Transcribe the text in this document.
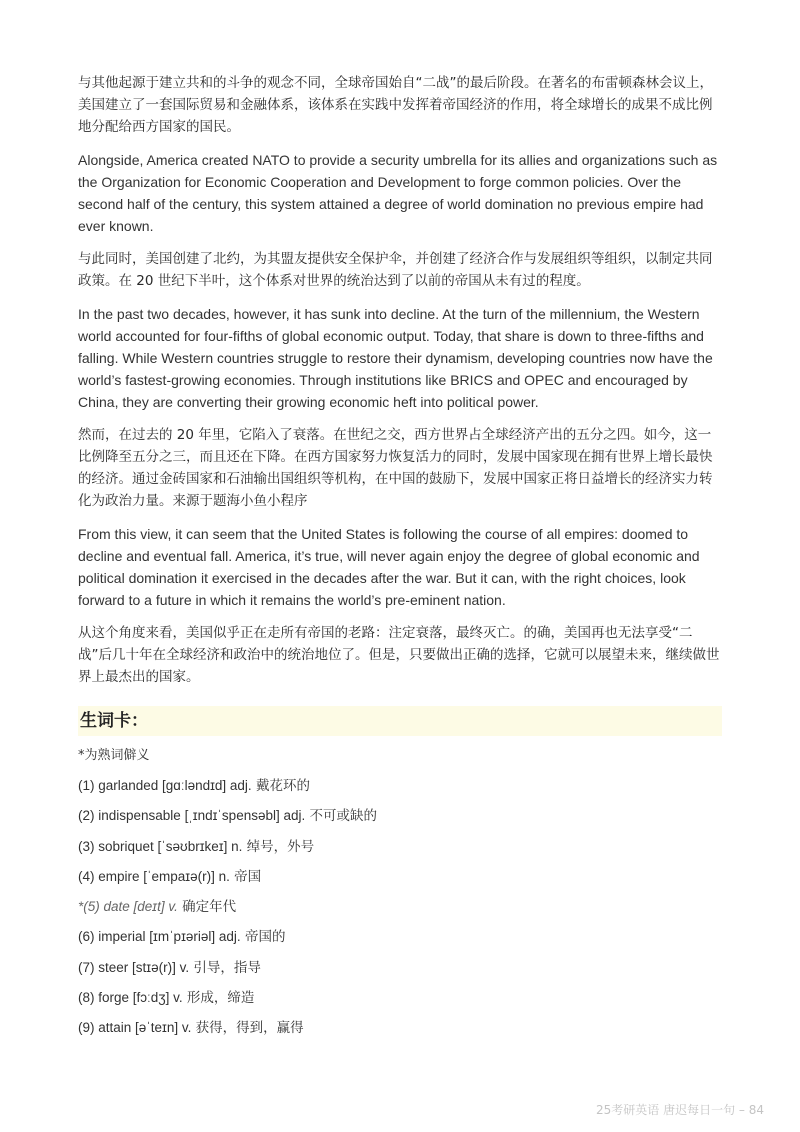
与其他起源于建立共和的斗争的观念不同，全球帝国始自“二战”的最后阶段。在著名的布雷顿森林会议上，美国建立了一套国际贸易和金融体系，该体系在实践中发挥着帝国经济的作用，将全球增长的成果不成比例地分配给西方国家的国民。

Alongside, America created NATO to provide a security umbrella for its allies and organizations such as the Organization for Economic Cooperation and Development to forge common policies. Over the second half of the century, this system attained a degree of world domination no previous empire had ever known.

与此同时，美国创建了北约，为其盟友提供安全保护伞，并创建了经济合作与发展组织等组织，以制定共同政策。在 20 世纪下半叶，这个体系对世界的统治达到了以前的帝国从未有过的程度。

In the past two decades, however, it has sunk into decline. At the turn of the millennium, the Western world accounted for four-fifths of global economic output. Today, that share is down to three-fifths and falling. While Western countries struggle to restore their dynamism, developing countries now have the world’s fastest-growing economies. Through institutions like BRICS and OPEC and encouraged by China, they are converting their growing economic heft into political power.

然而，在过去的 20 年里，它陷入了衰落。在世纪之交，西方世界占全球经济产出的五分之四。如今，这一比例降至五分之三，而且还在下降。在西方国家努力恢复活力的同时，发展中国家现在拥有世界上增长最快的经济。通过金砖国家和石油输出国组织等机构，在中国的鼓励下，发展中国家正将日益增长的经济实力转化为政治力量。来源于题海小鱼小程序

From this view, it can seem that the United States is following the course of all empires: doomed to decline and eventual fall. America, it’s true, will never again enjoy the degree of global economic and political domination it exercised in the decades after the war. But it can, with the right choices, look forward to a future in which it remains the world’s pre-eminent nation.

从这个角度来看，美国似乎正在走所有帝国的老路：注定衰落，最终灭亡。的确，美国再也无法享受“二战”后几十年在全球经济和政治中的统治地位了。但是，只要做出正确的选择，它就可以展望未来，继续做世界上最杰出的国家。

生词卡：

*为熟词僻义

(1) garlanded [ɡɑːləndɪd] adj. 戴花环的
(2) indispensable [ˌɪndɪˈspensəbl] adj. 不可或缺的
(3) sobriquet [ˈsəʊbrɪkeɪ] n. 绰号，外号
(4) empire [ˈempaɪə(r)] n. 帝国
*(5) date [deɪt] v. 确定年代
(6) imperial [ɪmˈpɪəriəl] adj. 帝国的
(7) steer [stɪə(r)] v. 引导，指导
(8) forge [fɔːdʒ] v. 形成，缔造
(9) attain [əˈteɪn] v. 获得，得到，赢得
25考研英语 唐迟每日一句 – 84
